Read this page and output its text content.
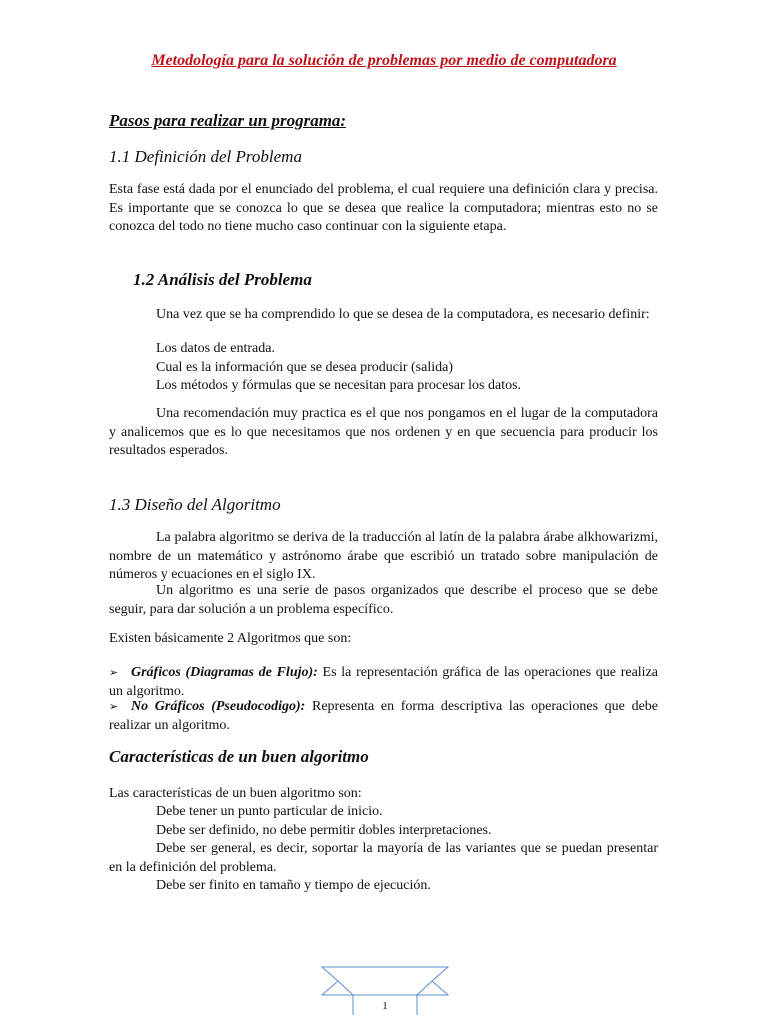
Metodología para la solución de problemas por medio de computadora
Pasos para realizar un programa:
1.1 Definición del Problema
Esta fase está dada por el enunciado del problema, el cual requiere una definición clara y precisa. Es importante que se conozca lo que se desea que realice la computadora; mientras esto no se conozca del todo no tiene mucho caso continuar con la siguiente etapa.
1.2 Análisis del Problema
Una vez que se ha comprendido lo que se desea de la computadora, es necesario definir:
Los datos de entrada.
Cual es la información que se desea producir (salida)
Los métodos y fórmulas que se necesitan para procesar los datos.
Una recomendación muy practica es el que nos pongamos en el lugar de la computadora y analicemos que es lo que necesitamos que nos ordenen y en que secuencia para producir los resultados esperados.
1.3 Diseño del Algoritmo
La palabra algoritmo se deriva de la traducción al latín de la palabra árabe alkhowarizmi, nombre de un matemático y astrónomo árabe que escribió un tratado sobre manipulación de números y ecuaciones en el siglo IX.
Un algoritmo es una serie de pasos organizados que describe el proceso que se debe seguir, para dar solución a un problema específico.
Existen básicamente 2 Algoritmos que son:
➢ Gráficos (Diagramas de Flujo): Es la representación gráfica de las operaciones que realiza un algoritmo.
➢ No Gráficos (Pseudocodigo): Representa en forma descriptiva las operaciones que debe realizar un algoritmo.
Características de un buen algoritmo
Las características de un buen algoritmo son:
Debe tener un punto particular de inicio.
Debe ser definido, no debe permitir dobles interpretaciones.
Debe ser general, es decir, soportar la mayoría de las variantes que se puedan presentar en la definición del problema.
Debe ser finito en tamaño y tiempo de ejecución.
1
